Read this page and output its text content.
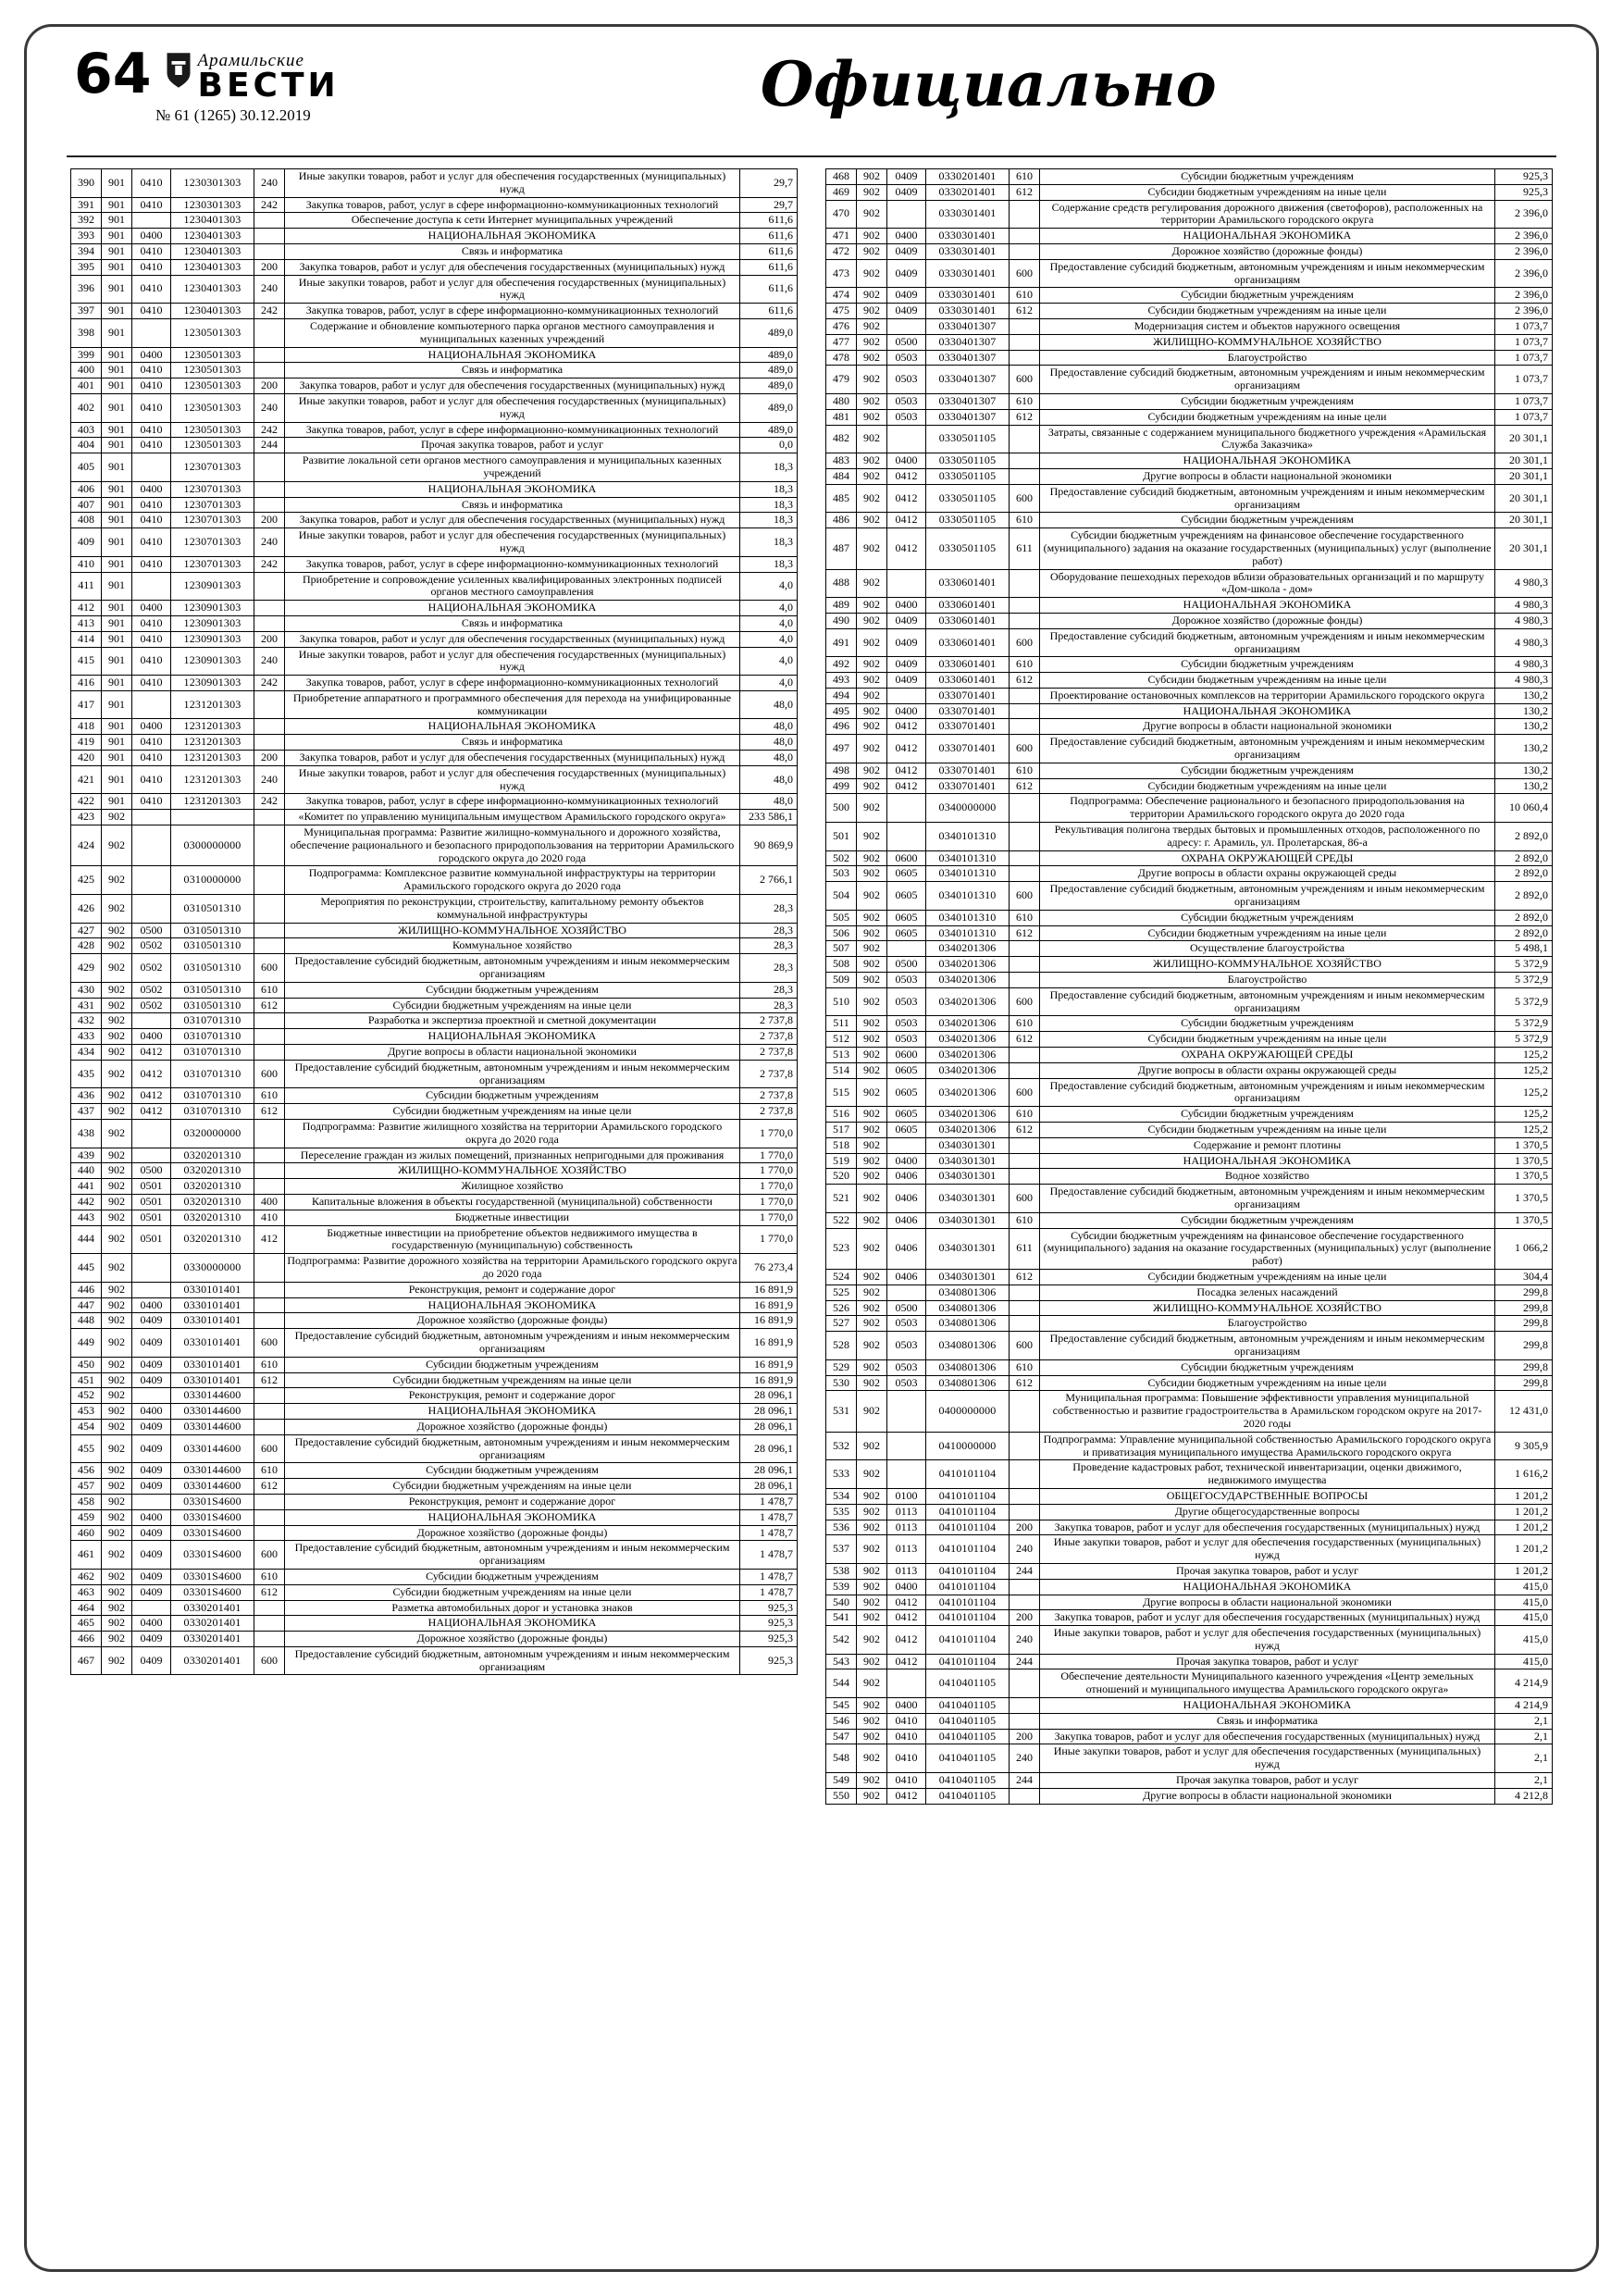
64	Арамильские
ВЕСТИ
№ 61 (1265) 30.12.2019	Официально
390	901	0410	1230301303	240	Иные закупки товаров, работ и услуг для обеспечения государственных (муниципальных) нужд	29,7
391	901	0410	1230301303	242	Закупка товаров, работ, услуг в сфере информационно-коммуникационных технологий	29,7
392	901		1230401303		Обеспечение доступа к сети Интернет муниципальных учреждений	611,6
393	901	0400	1230401303		НАЦИОНАЛЬНАЯ ЭКОНОМИКА	611,6
394	901	0410	1230401303		Связь и информатика	611,6
395	901	0410	1230401303	200	Закупка товаров, работ и услуг для обеспечения государственных (муниципальных) нужд	611,6
396	901	0410	1230401303	240	Иные закупки товаров, работ и услуг для обеспечения государственных (муниципальных) нужд	611,6
397	901	0410	1230401303	242	Закупка товаров, работ, услуг в сфере информационно-коммуникационных технологий	611,6
398	901		1230501303		Содержание и обновление компьютерного парка органов местного самоуправления и муниципальных казенных учреждений	489,0
399	901	0400	1230501303		НАЦИОНАЛЬНАЯ ЭКОНОМИКА	489,0
400	901	0410	1230501303		Связь и информатика	489,0
401	901	0410	1230501303	200	Закупка товаров, работ и услуг для обеспечения государственных (муниципальных) нужд	489,0
402	901	0410	1230501303	240	Иные закупки товаров, работ и услуг для обеспечения государственных (муниципальных) нужд	489,0
403	901	0410	1230501303	242	Закупка товаров, работ, услуг в сфере информационно-коммуникационных технологий	489,0
404	901	0410	1230501303	244	Прочая закупка товаров, работ и услуг	0,0
405	901		1230701303		Развитие локальной сети органов местного самоуправления и муниципальных казенных учреждений	18,3
406	901	0400	1230701303		НАЦИОНАЛЬНАЯ ЭКОНОМИКА	18,3
407	901	0410	1230701303		Связь и информатика	18,3
408	901	0410	1230701303	200	Закупка товаров, работ и услуг для обеспечения государственных (муниципальных) нужд	18,3
409	901	0410	1230701303	240	Иные закупки товаров, работ и услуг для обеспечения государственных (муниципальных) нужд	18,3
410	901	0410	1230701303	242	Закупка товаров, работ, услуг в сфере информационно-коммуникационных технологий	18,3
411	901		1230901303		Приобретение и сопровождение усиленных квалифицированных электронных подписей органов местного самоуправления	4,0
412	901	0400	1230901303		НАЦИОНАЛЬНАЯ ЭКОНОМИКА	4,0
413	901	0410	1230901303		Связь и информатика	4,0
414	901	0410	1230901303	200	Закупка товаров, работ и услуг для обеспечения государственных (муниципальных) нужд	4,0
415	901	0410	1230901303	240	Иные закупки товаров, работ и услуг для обеспечения государственных (муниципальных) нужд	4,0
416	901	0410	1230901303	242	Закупка товаров, работ, услуг в сфере информационно-коммуникационных технологий	4,0
417	901		1231201303		Приобретение аппаратного и программного обеспечения для перехода на унифицированные коммуникации	48,0
418	901	0400	1231201303		НАЦИОНАЛЬНАЯ ЭКОНОМИКА	48,0
419	901	0410	1231201303		Связь и информатика	48,0
420	901	0410	1231201303	200	Закупка товаров, работ и услуг для обеспечения государственных (муниципальных) нужд	48,0
421	901	0410	1231201303	240	Иные закупки товаров, работ и услуг для обеспечения государственных (муниципальных) нужд	48,0
422	901	0410	1231201303	242	Закупка товаров, работ, услуг в сфере информационно-коммуникационных технологий	48,0
423	902				«Комитет по управлению муниципальным имуществом Арамильского городского округа»	233 586,1
424	902		0300000000		Муниципальная программа: Развитие жилищно-коммунального и дорожного хозяйства, обеспечение рационального и безопасного природопользования на территории Арамильского городского округа до 2020 года	90 869,9
425	902		0310000000		Подпрограмма: Комплексное развитие коммунальной инфраструктуры на территории Арамильского городского округа до 2020 года	2 766,1
426	902		0310501310		Мероприятия по реконструкции, строительству, капитальному ремонту объектов коммунальной инфраструктуры	28,3
427	902	0500	0310501310		ЖИЛИЩНО-КОММУНАЛЬНОЕ ХОЗЯЙСТВО	28,3
428	902	0502	0310501310		Коммунальное хозяйство	28,3
429	902	0502	0310501310	600	Предоставление субсидий бюджетным, автономным учреждениям и иным некоммерческим организациям	28,3
430	902	0502	0310501310	610	Субсидии бюджетным учреждениям	28,3
431	902	0502	0310501310	612	Субсидии бюджетным учреждениям на иные цели	28,3
432	902		0310701310		Разработка и экспертиза проектной и сметной документации	2 737,8
433	902	0400	0310701310		НАЦИОНАЛЬНАЯ ЭКОНОМИКА	2 737,8
434	902	0412	0310701310		Другие вопросы в области национальной экономики	2 737,8
435	902	0412	0310701310	600	Предоставление субсидий бюджетным, автономным учреждениям и иным некоммерческим организациям	2 737,8
436	902	0412	0310701310	610	Субсидии бюджетным учреждениям	2 737,8
437	902	0412	0310701310	612	Субсидии бюджетным учреждениям на иные цели	2 737,8
438	902		0320000000		Подпрограмма: Развитие жилищного хозяйства на территории Арамильского городского округа до 2020 года	1 770,0
439	902		0320201310		Переселение граждан из жилых помещений, признанных непригодными для проживания	1 770,0
440	902	0500	0320201310		ЖИЛИЩНО-КОММУНАЛЬНОЕ ХОЗЯЙСТВО	1 770,0
441	902	0501	0320201310		Жилищное хозяйство	1 770,0
442	902	0501	0320201310	400	Капитальные вложения в объекты государственной (муниципальной) собственности	1 770,0
443	902	0501	0320201310	410	Бюджетные инвестиции	1 770,0
444	902	0501	0320201310	412	Бюджетные инвестиции на приобретение объектов недвижимого имущества в государственную (муниципальную) собственность	1 770,0
445	902		0330000000		Подпрограмма: Развитие дорожного хозяйства на территории Арамильского городского округа до 2020 года	76 273,4
446	902		0330101401		Реконструкция, ремонт и содержание дорог	16 891,9
447	902	0400	0330101401		НАЦИОНАЛЬНАЯ ЭКОНОМИКА	16 891,9
448	902	0409	0330101401		Дорожное хозяйство (дорожные фонды)	16 891,9
449	902	0409	0330101401	600	Предоставление субсидий бюджетным, автономным учреждениям и иным некоммерческим организациям	16 891,9
450	902	0409	0330101401	610	Субсидии бюджетным учреждениям	16 891,9
451	902	0409	0330101401	612	Субсидии бюджетным учреждениям на иные цели	16 891,9
452	902		0330144600		Реконструкция, ремонт и содержание дорог	28 096,1
453	902	0400	0330144600		НАЦИОНАЛЬНАЯ ЭКОНОМИКА	28 096,1
454	902	0409	0330144600		Дорожное хозяйство (дорожные фонды)	28 096,1
455	902	0409	0330144600	600	Предоставление субсидий бюджетным, автономным учреждениям и иным некоммерческим организациям	28 096,1
456	902	0409	0330144600	610	Субсидии бюджетным учреждениям	28 096,1
457	902	0409	0330144600	612	Субсидии бюджетным учреждениям на иные цели	28 096,1
458	902		03301S4600		Реконструкция, ремонт и содержание дорог	1 478,7
459	902	0400	03301S4600		НАЦИОНАЛЬНАЯ ЭКОНОМИКА	1 478,7
460	902	0409	03301S4600		Дорожное хозяйство (дорожные фонды)	1 478,7
461	902	0409	03301S4600	600	Предоставление субсидий бюджетным, автономным учреждениям и иным некоммерческим организациям	1 478,7
462	902	0409	03301S4600	610	Субсидии бюджетным учреждениям	1 478,7
463	902	0409	03301S4600	612	Субсидии бюджетным учреждениям на иные цели	1 478,7
464	902		0330201401		Разметка автомобильных дорог и установка знаков	925,3
465	902	0400	0330201401		НАЦИОНАЛЬНАЯ ЭКОНОМИКА	925,3
466	902	0409	0330201401		Дорожное хозяйство (дорожные фонды)	925,3
467	902	0409	0330201401	600	Предоставление субсидий бюджетным, автономным учреждениям и иным некоммерческим организациям	925,3
468	902	0409	0330201401	610	Субсидии бюджетным учреждениям	925,3
469	902	0409	0330201401	612	Субсидии бюджетным учреждениям на иные цели	925,3
470	902		0330301401		Содержание средств регулирования дорожного движения (светофоров), расположенных на территории Арамильского городского округа	2 396,0
471	902	0400	0330301401		НАЦИОНАЛЬНАЯ ЭКОНОМИКА	2 396,0
472	902	0409	0330301401		Дорожное хозяйство (дорожные фонды)	2 396,0
473	902	0409	0330301401	600	Предоставление субсидий бюджетным, автономным учреждениям и иным некоммерческим организациям	2 396,0
474	902	0409	0330301401	610	Субсидии бюджетным учреждениям	2 396,0
475	902	0409	0330301401	612	Субсидии бюджетным учреждениям на иные цели	2 396,0
476	902		0330401307		Модернизация систем и объектов наружного освещения	1 073,7
477	902	0500	0330401307		ЖИЛИЩНО-КОММУНАЛЬНОЕ ХОЗЯЙСТВО	1 073,7
478	902	0503	0330401307		Благоустройство	1 073,7
479	902	0503	0330401307	600	Предоставление субсидий бюджетным, автономным учреждениям и иным некоммерческим организациям	1 073,7
480	902	0503	0330401307	610	Субсидии бюджетным учреждениям	1 073,7
481	902	0503	0330401307	612	Субсидии бюджетным учреждениям на иные цели	1 073,7
482	902		0330501105		Затраты, связанные с содержанием муниципального бюджетного учреждения «Арамильская Служба Заказчика»	20 301,1
483	902	0400	0330501105		НАЦИОНАЛЬНАЯ ЭКОНОМИКА	20 301,1
484	902	0412	0330501105		Другие вопросы в области национальной экономики	20 301,1
485	902	0412	0330501105	600	Предоставление субсидий бюджетным, автономным учреждениям и иным некоммерческим организациям	20 301,1
486	902	0412	0330501105	610	Субсидии бюджетным учреждениям	20 301,1
487	902	0412	0330501105	611	Субсидии бюджетным учреждениям на финансовое обеспечение государственного (муниципального) задания на оказание государственных (муниципальных) услуг (выполнение работ)	20 301,1
488	902		0330601401		Оборудование пешеходных переходов вблизи образовательных организаций и по маршруту «Дом-школа - дом»	4 980,3
489	902	0400	0330601401		НАЦИОНАЛЬНАЯ ЭКОНОМИКА	4 980,3
490	902	0409	0330601401		Дорожное хозяйство (дорожные фонды)	4 980,3
491	902	0409	0330601401	600	Предоставление субсидий бюджетным, автономным учреждениям и иным некоммерческим организациям	4 980,3
492	902	0409	0330601401	610	Субсидии бюджетным учреждениям	4 980,3
493	902	0409	0330601401	612	Субсидии бюджетным учреждениям на иные цели	4 980,3
494	902		0330701401		Проектирование остановочных комплексов на территории Арамильского городского округа	130,2
495	902	0400	0330701401		НАЦИОНАЛЬНАЯ ЭКОНОМИКА	130,2
496	902	0412	0330701401		Другие вопросы в области национальной экономики	130,2
497	902	0412	0330701401	600	Предоставление субсидий бюджетным, автономным учреждениям и иным некоммерческим организациям	130,2
498	902	0412	0330701401	610	Субсидии бюджетным учреждениям	130,2
499	902	0412	0330701401	612	Субсидии бюджетным учреждениям на иные цели	130,2
500	902		0340000000		Подпрограмма: Обеспечение рационального и безопасного природопользования на территории Арамильского городского округа до 2020 года	10 060,4
501	902		0340101310		Рекультивация полигона твердых бытовых и промышленных отходов, расположенного по адресу: г. Арамиль, ул. Пролетарская, 86-а	2 892,0
502	902	0600	0340101310		ОХРАНА ОКРУЖАЮЩЕЙ СРЕДЫ	2 892,0
503	902	0605	0340101310		Другие вопросы в области охраны окружающей среды	2 892,0
504	902	0605	0340101310	600	Предоставление субсидий бюджетным, автономным учреждениям и иным некоммерческим организациям	2 892,0
505	902	0605	0340101310	610	Субсидии бюджетным учреждениям	2 892,0
506	902	0605	0340101310	612	Субсидии бюджетным учреждениям на иные цели	2 892,0
507	902		0340201306		Осуществление благоустройства	5 498,1
508	902	0500	0340201306		ЖИЛИЩНО-КОММУНАЛЬНОЕ ХОЗЯЙСТВО	5 372,9
509	902	0503	0340201306		Благоустройство	5 372,9
510	902	0503	0340201306	600	Предоставление субсидий бюджетным, автономным учреждениям и иным некоммерческим организациям	5 372,9
511	902	0503	0340201306	610	Субсидии бюджетным учреждениям	5 372,9
512	902	0503	0340201306	612	Субсидии бюджетным учреждениям на иные цели	5 372,9
513	902	0600	0340201306		ОХРАНА ОКРУЖАЮЩЕЙ СРЕДЫ	125,2
514	902	0605	0340201306		Другие вопросы в области охраны окружающей среды	125,2
515	902	0605	0340201306	600	Предоставление субсидий бюджетным, автономным учреждениям и иным некоммерческим организациям	125,2
516	902	0605	0340201306	610	Субсидии бюджетным учреждениям	125,2
517	902	0605	0340201306	612	Субсидии бюджетным учреждениям на иные цели	125,2
518	902		0340301301		Содержание и ремонт плотины	1 370,5
519	902	0400	0340301301		НАЦИОНАЛЬНАЯ ЭКОНОМИКА	1 370,5
520	902	0406	0340301301		Водное хозяйство	1 370,5
521	902	0406	0340301301	600	Предоставление субсидий бюджетным, автономным учреждениям и иным некоммерческим организациям	1 370,5
522	902	0406	0340301301	610	Субсидии бюджетным учреждениям	1 370,5
523	902	0406	0340301301	611	Субсидии бюджетным учреждениям на финансовое обеспечение государственного (муниципального) задания на оказание государственных (муниципальных) услуг (выполнение работ)	1 066,2
524	902	0406	0340301301	612	Субсидии бюджетным учреждениям на иные цели	304,4
525	902		0340801306		Посадка зеленых насаждений	299,8
526	902	0500	0340801306		ЖИЛИЩНО-КОММУНАЛЬНОЕ ХОЗЯЙСТВО	299,8
527	902	0503	0340801306		Благоустройство	299,8
528	902	0503	0340801306	600	Предоставление субсидий бюджетным, автономным учреждениям и иным некоммерческим организациям	299,8
529	902	0503	0340801306	610	Субсидии бюджетным учреждениям	299,8
530	902	0503	0340801306	612	Субсидии бюджетным учреждениям на иные цели	299,8
531	902		0400000000		Муниципальная программа: Повышение эффективности управления муниципальной собственностью и развитие градостроительства в Арамильском городском округе на 2017-2020 годы	12 431,0
532	902		0410000000		Подпрограмма: Управление муниципальной собственностью Арамильского городского округа и приватизация муниципального имущества Арамильского городского округа	9 305,9
533	902		0410101104		Проведение кадастровых работ, технической инвентаризации, оценки движимого, недвижимого имущества	1 616,2
534	902	0100	0410101104		ОБЩЕГОСУДАРСТВЕННЫЕ ВОПРОСЫ	1 201,2
535	902	0113	0410101104		Другие общегосударственные вопросы	1 201,2
536	902	0113	0410101104	200	Закупка товаров, работ и услуг для обеспечения государственных (муниципальных) нужд	1 201,2
537	902	0113	0410101104	240	Иные закупки товаров, работ и услуг для обеспечения государственных (муниципальных) нужд	1 201,2
538	902	0113	0410101104	244	Прочая закупка товаров, работ и услуг	1 201,2
539	902	0400	0410101104		НАЦИОНАЛЬНАЯ ЭКОНОМИКА	415,0
540	902	0412	0410101104		Другие вопросы в области национальной экономики	415,0
541	902	0412	0410101104	200	Закупка товаров, работ и услуг для обеспечения государственных (муниципальных) нужд	415,0
542	902	0412	0410101104	240	Иные закупки товаров, работ и услуг для обеспечения государственных (муниципальных) нужд	415,0
543	902	0412	0410101104	244	Прочая закупка товаров, работ и услуг	415,0
544	902		0410401105		Обеспечение деятельности Муниципального казенного учреждения «Центр земельных отношений и муниципального имущества Арамильского городского округа»	4 214,9
545	902	0400	0410401105		НАЦИОНАЛЬНАЯ ЭКОНОМИКА	4 214,9
546	902	0410	0410401105		Связь и информатика	2,1
547	902	0410	0410401105	200	Закупка товаров, работ и услуг для обеспечения государственных (муниципальных) нужд	2,1
548	902	0410	0410401105	240	Иные закупки товаров, работ и услуг для обеспечения государственных (муниципальных) нужд	2,1
549	902	0410	0410401105	244	Прочая закупка товаров, работ и услуг	2,1
550	902	0412	0410401105		Другие вопросы в области национальной экономики	4 212,8
